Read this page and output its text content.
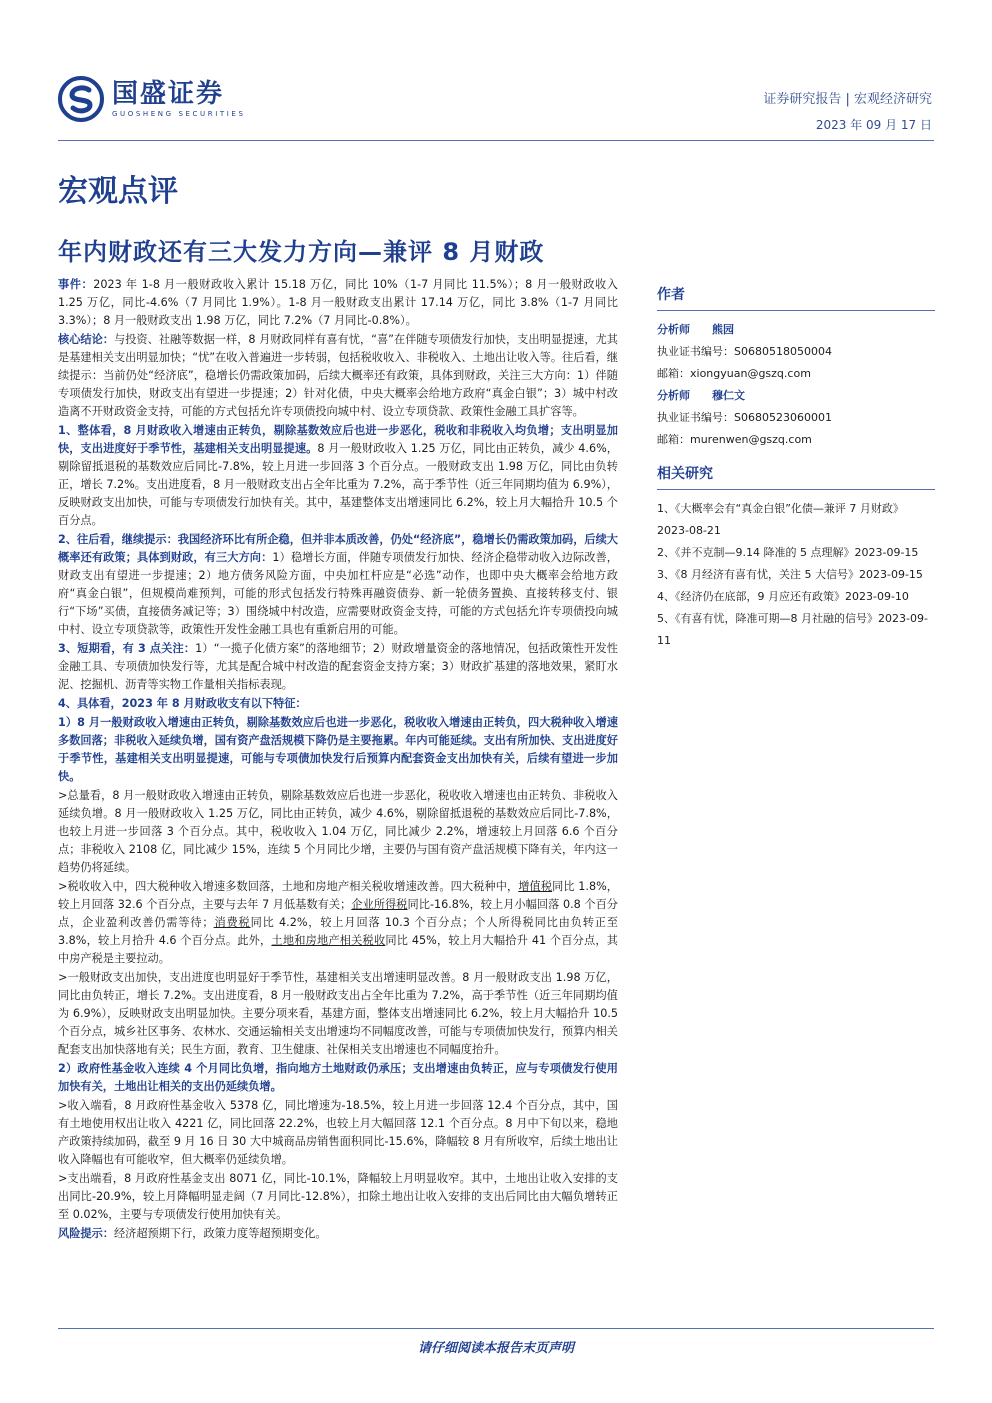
国盛证券
GUOSHENG SECURITIES
证券研究报告 | 宏观经济研究
2023 年 09 月 17 日
宏观点评
年内财政还有三大发力方向—兼评 8 月财政

事件：2023 年 1-8 月一般财政收入累计 15.18 万亿，同比 10%（1-7 月同比 11.5%）；8 月一般财政收入 1.25 万亿，同比-4.6%（7 月同比 1.9%）。1-8 月一般财政支出累计 17.14 万亿，同比 3.8%（1-7 月同比 3.3%）；8 月一般财政支出 1.98 万亿，同比 7.2%（7 月同比-0.8%）。

核心结论：与投资、社融等数据一样，8 月财政同样有喜有忧，“喜”在伴随专项债发行加快，支出明显提速，尤其是基建相关支出明显加快；“忧”在收入普遍进一步转弱，包括税收收入、非税收入、土地出让收入等。往后看，继续提示：当前仍处“经济底”，稳增长仍需政策加码，后续大概率还有政策，具体到财政，关注三大方向：1）伴随专项债发行加快，财政支出有望进一步提速；2）针对化债，中央大概率会给地方政府“真金白银”；3）城中村改造离不开财政资金支持，可能的方式包括允许专项债投向城中村、设立专项贷款、政策性金融工具扩容等。

1、整体看，8 月财政收入增速由正转负，剔除基数效应后也进一步恶化，税收和非税收入均负增；支出明显加快，支出进度好于季节性，基建相关支出明显提速。8 月一般财政收入 1.25 万亿，同比由正转负，减少 4.6%，剔除留抵退税的基数效应后同比-7.8%，较上月进一步回落 3 个百分点。一般财政支出 1.98 万亿，同比由负转正，增长 7.2%。支出进度看，8 月一般财政支出占全年比重为 7.2%，高于季节性（近三年同期均值为 6.9%），反映财政支出加快，可能与专项债发行加快有关。其中，基建整体支出增速同比 6.2%，较上月大幅拾升 10.5 个百分点。

2、往后看，继续提示：我国经济环比有所企稳，但并非本质改善，仍处“经济底”，稳增长仍需政策加码，后续大概率还有政策；具体到财政，有三大方向：1）稳增长方面，伴随专项债发行加快、经济企稳带动收入边际改善，财政支出有望进一步提速；2）地方债务风险方面，中央加杠杆应是“必选”动作，也即中央大概率会给地方政府“真金白银”，但规模尚难预判，可能的形式包括发行特殊再融资债券、新一轮债务置换、直接转移支付、银行“下场”买债，直接债务减记等；3）围绕城中村改造，应需要财政资金支持，可能的方式包括允许专项债投向城中村、设立专项贷款等，政策性开发性金融工具也有重新启用的可能。

3、短期看，有 3 点关注：1）“一揽子化债方案”的落地细节；2）财政增量资金的落地情况，包括政策性开发性金融工具、专项债加快发行等，尤其是配合城中村改造的配套资金支持方案；3）财政扩基建的落地效果，紧盯水泥、挖掘机、沥青等实物工作量相关指标表现。

4、具体看，2023 年 8 月财政收支有以下特征：

1）8 月一般财政收入增速由正转负，剔除基数效应后也进一步恶化，税收收入增速由正转负，四大税种收入增速多数回落；非税收入延续负增，国有资产盘活规模下降仍是主要拖累。年内可能延续。支出有所加快、支出进度好于季节性，基建相关支出明显提速，可能与专项债加快发行后预算内配套资金支出加快有关，后续有望进一步加快。

>总量看，8 月一般财政收入增速由正转负，剔除基数效应后也进一步恶化，税收收入增速也由正转负、非税收入延续负增。8 月一般财政收入 1.25 万亿，同比由正转负，减少 4.6%，剔除留抵退税的基数效应后同比-7.8%，也较上月进一步回落 3 个百分点。其中，税收收入 1.04 万亿，同比减少 2.2%，增速较上月回落 6.6 个百分点；非税收入 2108 亿，同比减少 15%，连续 5 个月同比少增，主要仍与国有资产盘活规模下降有关，年内这一趋势仍将延续。

>税收收入中，四大税种收入增速多数回落，土地和房地产相关税收增速改善。四大税种中，增值税同比 1.8%，较上月回落 32.6 个百分点，主要与去年 7 月低基数有关；企业所得税同比-16.8%，较上月小幅回落 0.8 个百分点，企业盈利改善仍需等待；消费税同比 4.2%，较上月回落 10.3 个百分点；个人所得税同比由负转正至 3.8%，较上月拾升 4.6 个百分点。此外，土地和房地产相关税收同比 45%，较上月大幅拾升 41 个百分点，其中房产税是主要拉动。

>一般财政支出加快，支出进度也明显好于季节性，基建相关支出增速明显改善。8 月一般财政支出 1.98 万亿，同比由负转正，增长 7.2%。支出进度看，8 月一般财政支出占全年比重为 7.2%，高于季节性（近三年同期均值为 6.9%），反映财政支出明显加快。主要分项来看，基建方面，整体支出增速同比 6.2%，较上月大幅拾升 10.5 个百分点，城乡社区事务、农林水、交通运输相关支出增速均不同幅度改善，可能与专项债加快发行，预算内相关配套支出加快落地有关；民生方面，教育、卫生健康、社保相关支出增速也不同幅度抬升。

2）政府性基金收入连续 4 个月同比负增，指向地方土地财政仍承压；支出增速由负转正，应与专项债发行使用加快有关，土地出让相关的支出仍延续负增。

>收入端看，8 月政府性基金收入 5378 亿，同比增速为-18.5%，较上月进一步回落 12.4 个百分点，其中，国有土地使用权出让收入 4221 亿，同比回落 22.2%，也较上月大幅回落 12.1 个百分点。8 月中下旬以来，稳地产政策持续加码，截至 9 月 16 日 30 大中城商品房销售面积同比-15.6%，降幅较 8 月有所收窄，后续土地出让收入降幅也有可能收窄，但大概率仍延续负增。

>支出端看，8 月政府性基金支出 8071 亿，同比-10.1%，降幅较上月明显收窄。其中，土地出让收入安排的支出同比-20.9%，较上月降幅明显走阔（7 月同比-12.8%），扣除土地出让收入安排的支出后同比由大幅负增转正至 0.02%，主要与专项债发行使用加快有关。

风险提示：经济超预期下行，政策力度等超预期变化。

作者
分析师 熊园
执业证书编号：S0680518050004
邮箱：xiongyuan@gszq.com
分析师 穆仁文
执业证书编号：S0680523060001
邮箱：murenwen@gszq.com
相关研究
1、《大概率会有“真金白银”化债—兼评 7 月财政》2023-08-21
2、《并不克制—9.14 降准的 5 点理解》2023-09-15
3、《8 月经济有喜有忧，关注 5 大信号》2023-09-15
4、《经济仍在底部，9 月应还有政策》2023-09-10
5、《有喜有忧，降准可期—8 月社融的信号》2023-09-11
请仔细阅读本报告末页声明
